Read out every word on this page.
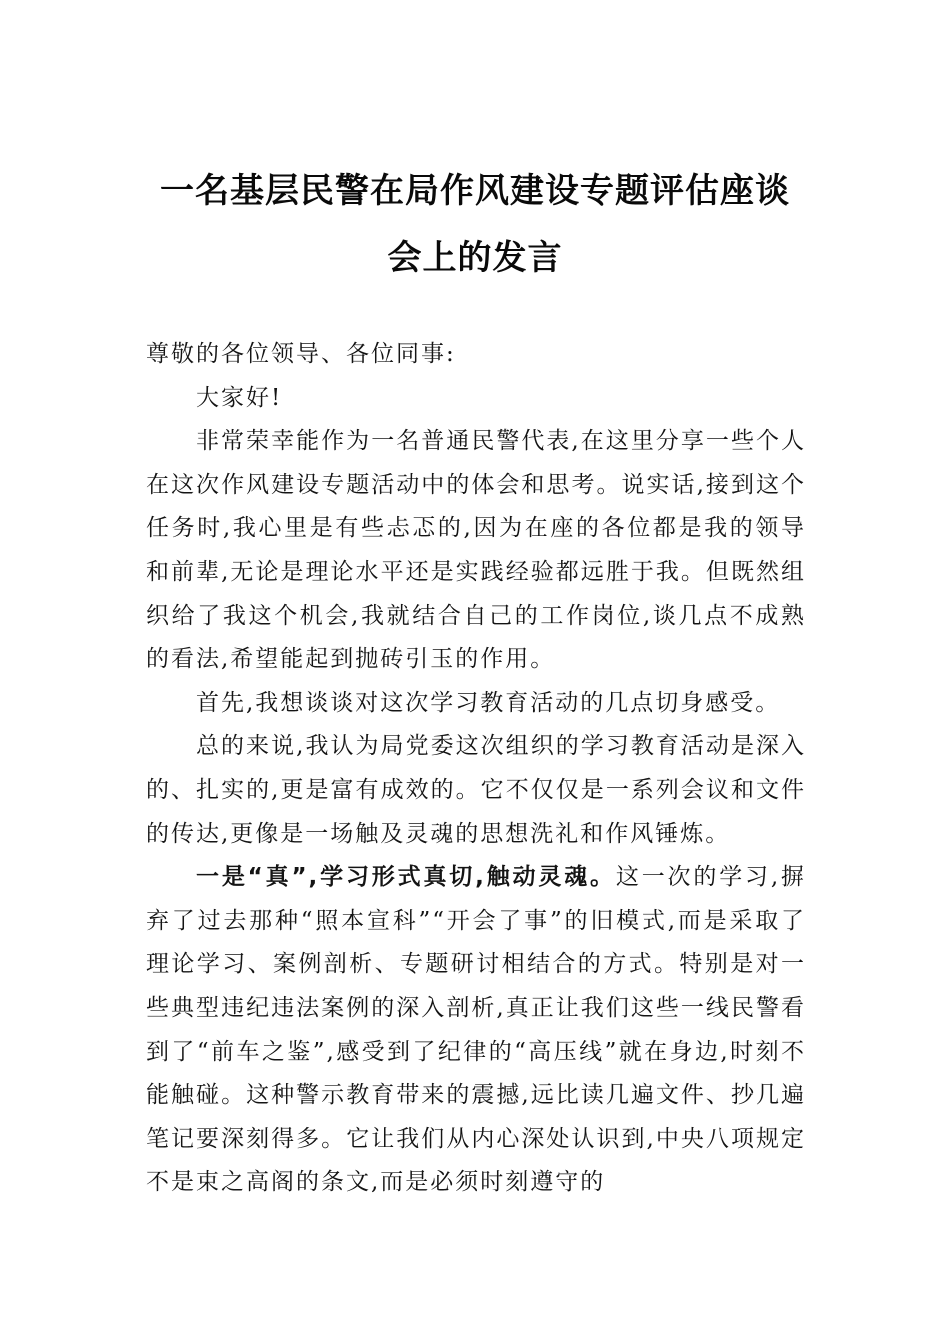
一名基层民警在局作风建设专题评估座谈
会上的发言

尊敬的各位领导、各位同事:

大家好!

非常荣幸能作为一名普通民警代表,在这里分享一些个人在这次作风建设专题活动中的体会和思考。说实话,接到这个任务时,我心里是有些忐忑的,因为在座的各位都是我的领导和前辈,无论是理论水平还是实践经验都远胜于我。但既然组织给了我这个机会,我就结合自己的工作岗位,谈几点不成熟的看法,希望能起到抛砖引玉的作用。

首先,我想谈谈对这次学习教育活动的几点切身感受。

总的来说,我认为局党委这次组织的学习教育活动是深入的、扎实的,更是富有成效的。它不仅仅是一系列会议和文件的传达,更像是一场触及灵魂的思想洗礼和作风锤炼。

一是“真”,学习形式真切,触动灵魂。这一次的学习,摒弃了过去那种“照本宣科”“开会了事”的旧模式,而是采取了理论学习、案例剖析、专题研讨相结合的方式。特别是对一些典型违纪违法案例的深入剖析,真正让我们这些一线民警看到了“前车之鉴”,感受到了纪律的“高压线”就在身边,时刻不能触碰。这种警示教育带来的震撼,远比读几遍文件、抄几遍笔记要深刻得多。它让我们从内心深处认识到,中央八项规定不是束之高阁的条文,而是必须时刻遵守的
